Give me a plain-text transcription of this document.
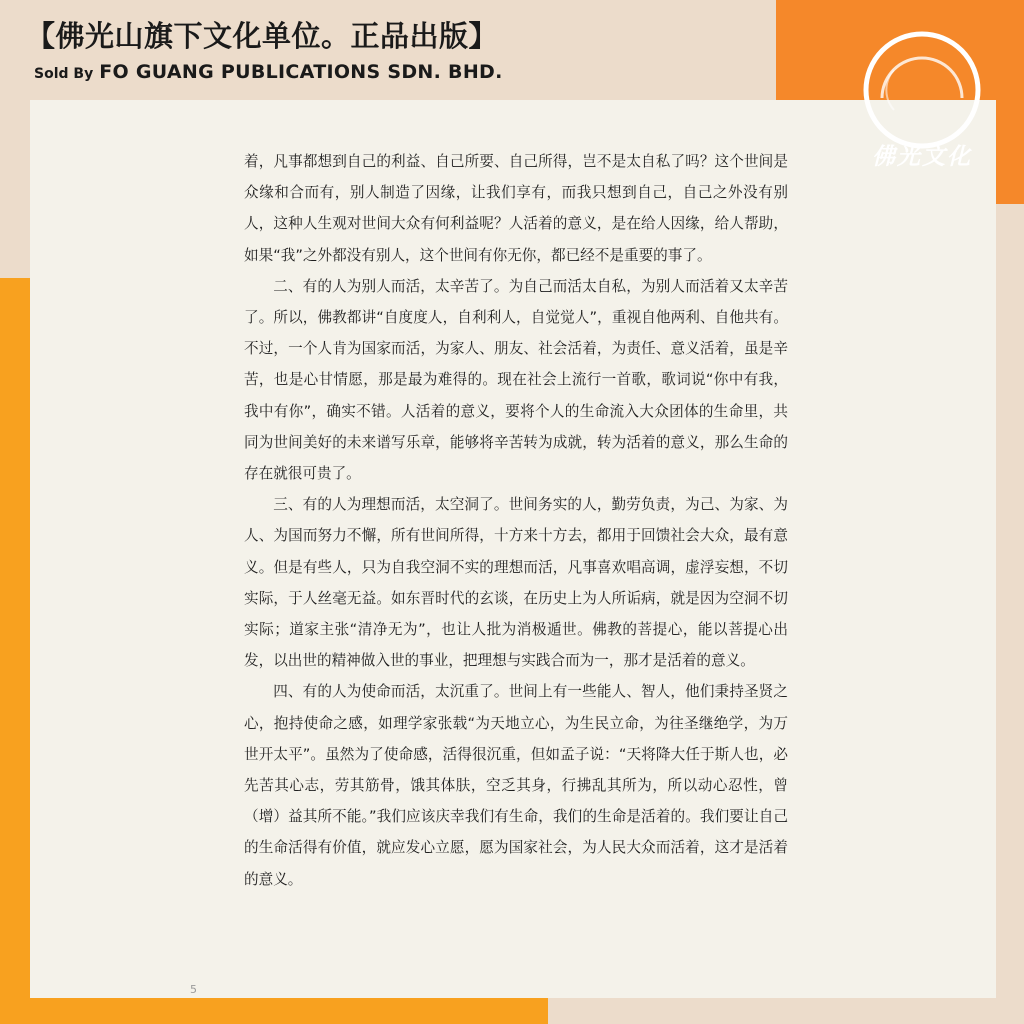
【佛光山旗下文化单位。正品出版】
Sold By FO GUANG PUBLICATIONS SDN. BHD.
佛光文化

着，凡事都想到自己的利益、自己所要、自己所得，岂不是太自私了吗？这个世间是众缘和合而有，别人制造了因缘，让我们享有，而我只想到自己，自己之外没有别人，这种人生观对世间大众有何利益呢？人活着的意义，是在给人因缘，给人帮助，如果“我”之外都没有别人，这个世间有你无你，都已经不是重要的事了。

二、有的人为别人而活，太辛苦了。为自己而活太自私，为别人而活着又太辛苦了。所以，佛教都讲“自度度人，自利利人，自觉觉人”，重视自他两利、自他共有。不过，一个人肯为国家而活，为家人、朋友、社会活着，为责任、意义活着，虽是辛苦，也是心甘情愿，那是最为难得的。现在社会上流行一首歌，歌词说“你中有我，我中有你”，确实不错。人活着的意义，要将个人的生命流入大众团体的生命里，共同为世间美好的未来谱写乐章，能够将辛苦转为成就，转为活着的意义，那么生命的存在就很可贵了。

三、有的人为理想而活，太空洞了。世间务实的人，勤劳负责，为己、为家、为人、为国而努力不懈，所有世间所得，十方来十方去，都用于回馈社会大众，最有意义。但是有些人，只为自我空洞不实的理想而活，凡事喜欢唱高调，虚浮妄想，不切实际，于人丝毫无益。如东晋时代的玄谈，在历史上为人所诟病，就是因为空洞不切实际；道家主张“清净无为”，也让人批为消极遁世。佛教的菩提心，能以菩提心出发，以出世的精神做入世的事业，把理想与实践合而为一，那才是活着的意义。

四、有的人为使命而活，太沉重了。世间上有一些能人、智人，他们秉持圣贤之心，抱持使命之感，如理学家张载“为天地立心，为生民立命，为往圣继绝学，为万世开太平”。虽然为了使命感，活得很沉重，但如孟子说：“天将降大任于斯人也，必先苦其心志，劳其筋骨，饿其体肤，空乏其身，行拂乱其所为，所以动心忍性，曾（增）益其所不能。”我们应该庆幸我们有生命，我们的生命是活着的。我们要让自己的生命活得有价值，就应发心立愿，愿为国家社会，为人民大众而活着，这才是活着的意义。

5
